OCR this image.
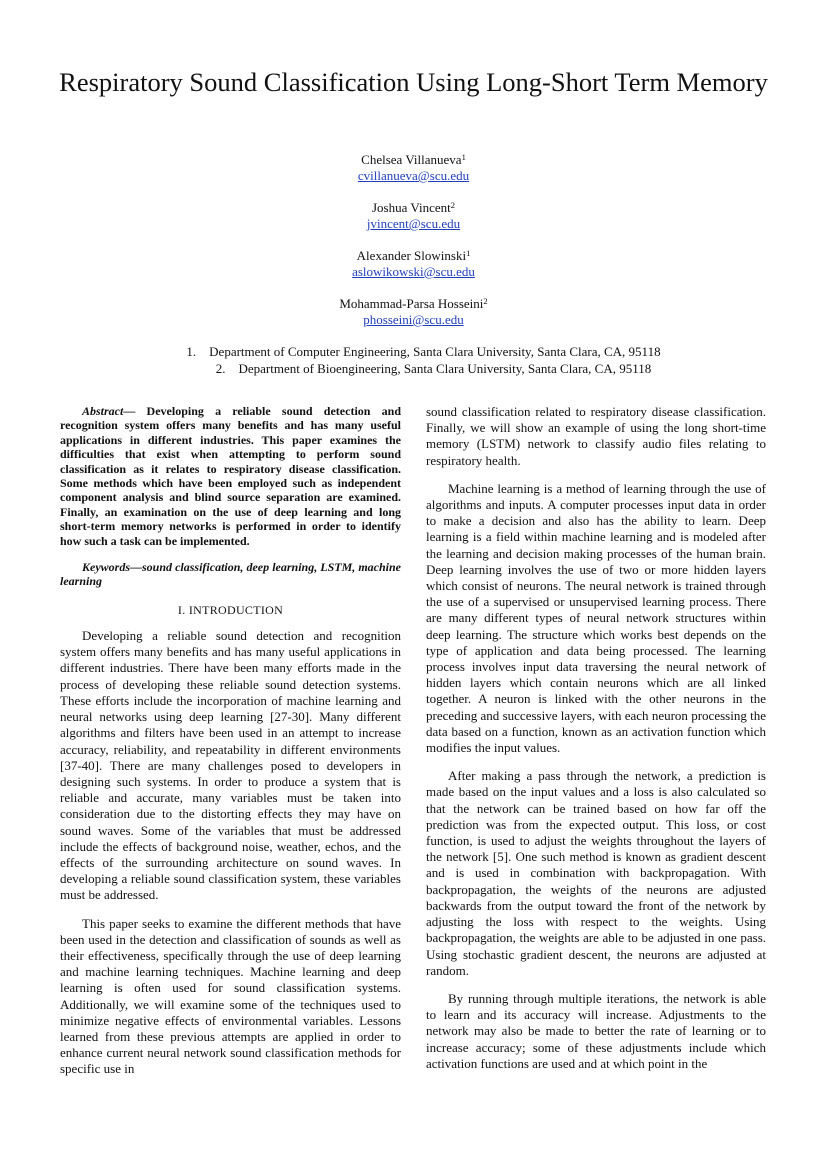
Respiratory Sound Classification Using Long-Short Term Memory
Chelsea Villanueva$^1$
cvillanueva@scu.edu
Joshua Vincent$^2$
jvincent@scu.edu
Alexander Slowinski$^1$
aslowikowski@scu.edu
Mohammad-Parsa Hosseini$^2$
phosseini@scu.edu
1.    Department of Computer Engineering, Santa Clara University, Santa Clara, CA, 95118
2.    Department of Bioengineering, Santa Clara University, Santa Clara, CA, 95118

Abstract— Developing a reliable sound detection and recognition system offers many benefits and has many useful applications in different industries. This paper examines the difficulties that exist when attempting to perform sound classification as it relates to respiratory disease classification. Some methods which have been employed such as independent component analysis and blind source separation are examined. Finally, an examination on the use of deep learning and long short-term memory networks is performed in order to identify how such a task can be implemented.

Keywords—sound classification, deep learning, LSTM, machine learning

I. INTRODUCTION

Developing a reliable sound detection and recognition system offers many benefits and has many useful applications in different industries. There have been many efforts made in the process of developing these reliable sound detection systems. These efforts include the incorporation of machine learning and neural networks using deep learning [27-30]. Many different algorithms and filters have been used in an attempt to increase accuracy, reliability, and repeatability in different environments [37-40]. There are many challenges posed to developers in designing such systems. In order to produce a system that is reliable and accurate, many variables must be taken into consideration due to the distorting effects they may have on sound waves. Some of the variables that must be addressed include the effects of background noise, weather, echos, and the effects of the surrounding architecture on sound waves. In developing a reliable sound classification system, these variables must be addressed.

This paper seeks to examine the different methods that have been used in the detection and classification of sounds as well as their effectiveness, specifically through the use of deep learning and machine learning techniques. Machine learning and deep learning is often used for sound classification systems. Additionally, we will examine some of the techniques used to minimize negative effects of environmental variables. Lessons learned from these previous attempts are applied in order to enhance current neural network sound classification methods for specific use in

sound classification related to respiratory disease classification. Finally, we will show an example of using the long short-time memory (LSTM) network to classify audio files relating to respiratory health.

Machine learning is a method of learning through the use of algorithms and inputs. A computer processes input data in order to make a decision and also has the ability to learn. Deep learning is a field within machine learning and is modeled after the learning and decision making processes of the human brain. Deep learning involves the use of two or more hidden layers which consist of neurons. The neural network is trained through the use of a supervised or unsupervised learning process. There are many different types of neural network structures within deep learning. The structure which works best depends on the type of application and data being processed. The learning process involves input data traversing the neural network of hidden layers which contain neurons which are all linked together. A neuron is linked with the other neurons in the preceding and successive layers, with each neuron processing the data based on a function, known as an activation function which modifies the input values.

After making a pass through the network, a prediction is made based on the input values and a loss is also calculated so that the network can be trained based on how far off the prediction was from the expected output. This loss, or cost function, is used to adjust the weights throughout the layers of the network [5]. One such method is known as gradient descent and is used in combination with backpropagation. With backpropagation, the weights of the neurons are adjusted backwards from the output toward the front of the network by adjusting the loss with respect to the weights. Using backpropagation, the weights are able to be adjusted in one pass. Using stochastic gradient descent, the neurons are adjusted at random.

By running through multiple iterations, the network is able to learn and its accuracy will increase. Adjustments to the network may also be made to better the rate of learning or to increase accuracy; some of these adjustments include which activation functions are used and at which point in the
